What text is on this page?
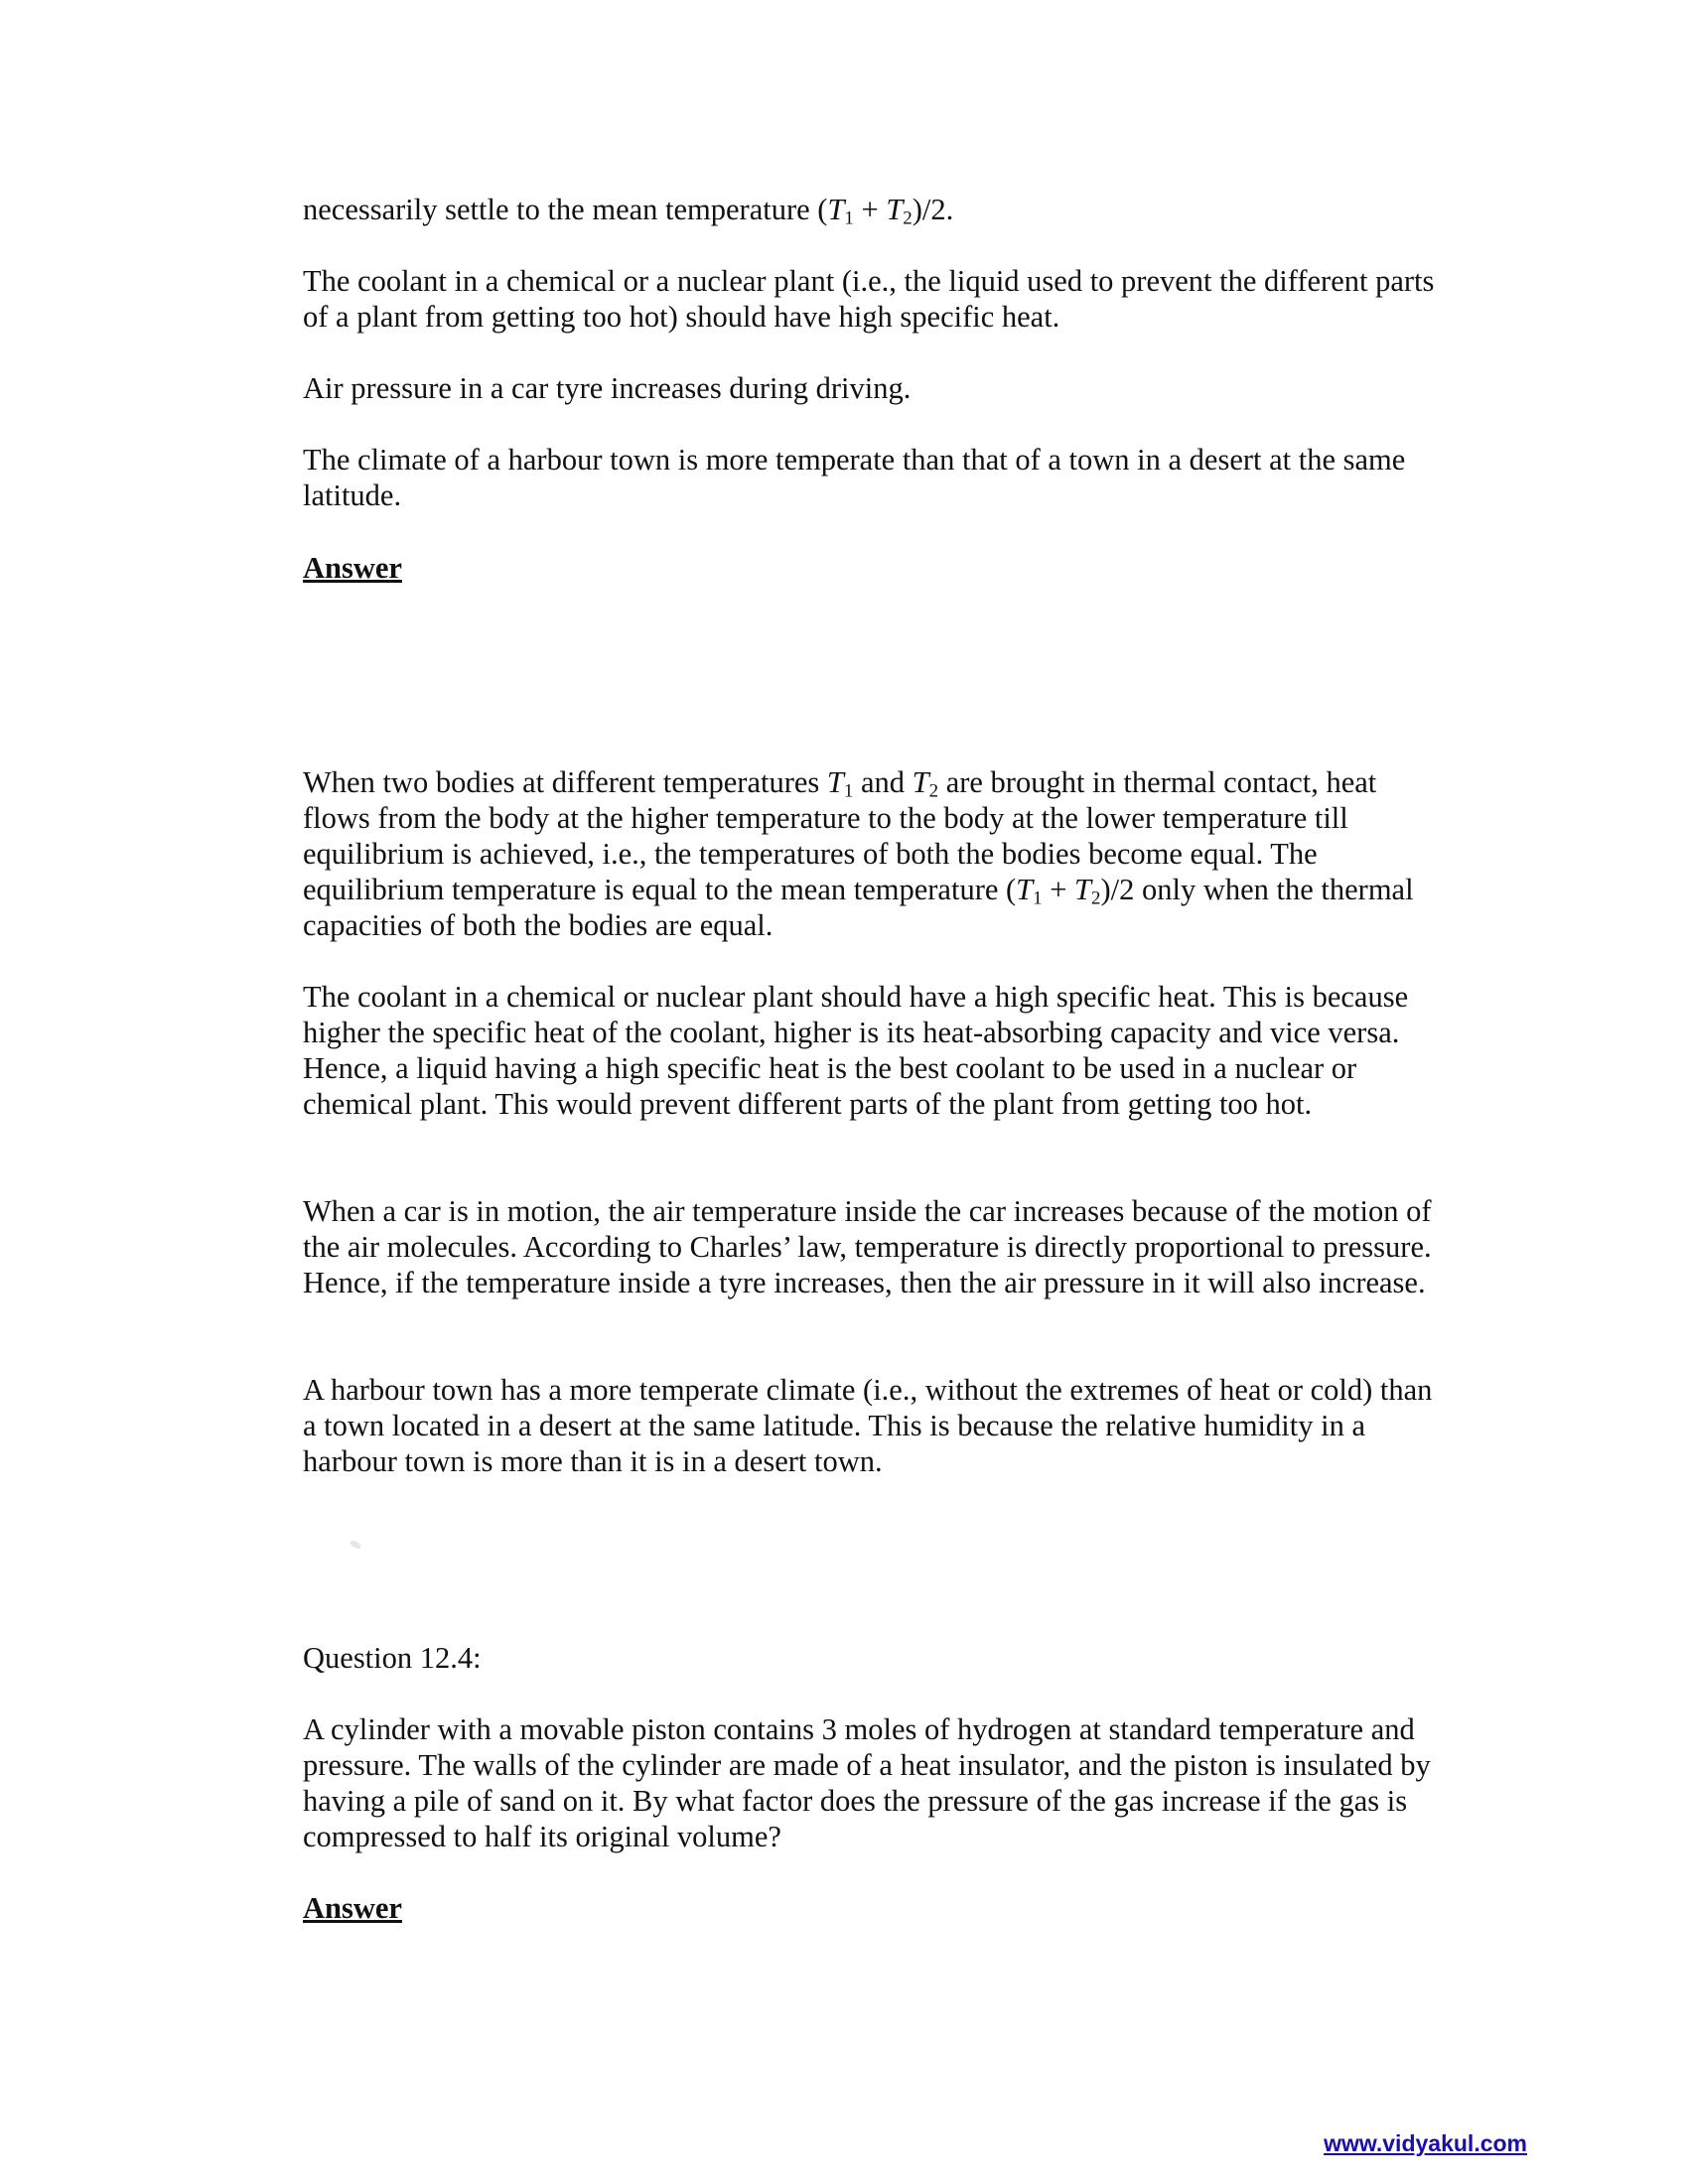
necessarily settle to the mean temperature $(T_1 + T_2)/2$.

The coolant in a chemical or a nuclear plant (i.e., the liquid used to prevent the different parts of a plant from getting too hot) should have high specific heat.

Air pressure in a car tyre increases during driving.

The climate of a harbour town is more temperate than that of a town in a desert at the same latitude.

Answer

When two bodies at different temperatures $T_1$ and $T_2$ are brought in thermal contact, heat flows from the body at the higher temperature to the body at the lower temperature till equilibrium is achieved, i.e., the temperatures of both the bodies become equal. The equilibrium temperature is equal to the mean temperature $(T_1 + T_2)/2$ only when the thermal capacities of both the bodies are equal.

The coolant in a chemical or nuclear plant should have a high specific heat. This is because higher the specific heat of the coolant, higher is its heat-absorbing capacity and vice versa. Hence, a liquid having a high specific heat is the best coolant to be used in a nuclear or chemical plant. This would prevent different parts of the plant from getting too hot.

When a car is in motion, the air temperature inside the car increases because of the motion of the air molecules. According to Charles’ law, temperature is directly proportional to pressure. Hence, if the temperature inside a tyre increases, then the air pressure in it will also increase.

A harbour town has a more temperate climate (i.e., without the extremes of heat or cold) than a town located in a desert at the same latitude. This is because the relative humidity in a harbour town is more than it is in a desert town.

Question 12.4:

A cylinder with a movable piston contains 3 moles of hydrogen at standard temperature and pressure. The walls of the cylinder are made of a heat insulator, and the piston is insulated by having a pile of sand on it. By what factor does the pressure of the gas increase if the gas is compressed to half its original volume?

Answer

www.vidyakul.com
